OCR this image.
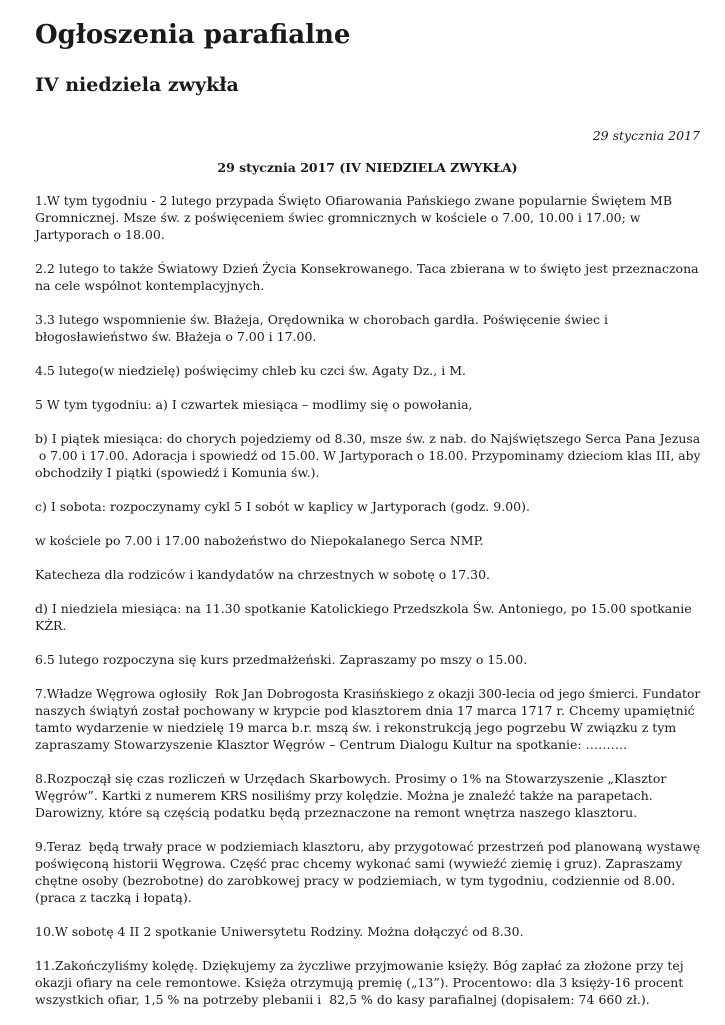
Ogłoszenia parafialne
IV niedziela zwykła
29 stycznia 2017
29 stycznia 2017 (IV NIEDZIELA ZWYKŁA)

1.W tym tygodniu - 2 lutego przypada Święto Ofiarowania Pańskiego zwane popularnie Świętem MB
Gromnicznej. Msze św. z poświęceniem świec gromnicznych w kościele o 7.00, 10.00 i 17.00; w
Jartyporach o 18.00.

2.2 lutego to także Światowy Dzień Życia Konsekrowanego. Taca zbierana w to święto jest przeznaczona
na cele wspólnot kontemplacyjnych.

3.3 lutego wspomnienie św. Błażeja, Orędownika w chorobach gardła. Poświęcenie świec i
błogosławieństwo św. Błażeja o 7.00 i 17.00.

4.5 lutego(w niedzielę) poświęcimy chleb ku czci św. Agaty Dz., i M.

5 W tym tygodniu: a) I czwartek miesiąca – modlimy się o powołania,

b) I piątek miesiąca: do chorych pojedziemy od 8.30, msze św. z nab. do Najświętszego Serca Pana Jezusa
o 7.00 i 17.00. Adoracja i spowiedź od 15.00. W Jartyporach o 18.00. Przypominamy dzieciom klas III, aby
obchodziły I piątki (spowiedź i Komunia św.).

c) I sobota: rozpoczynamy cykl 5 I sobót w kaplicy w Jartyporach (godz. 9.00).

w kościele po 7.00 i 17.00 nabożeństwo do Niepokalanego Serca NMP.

Katecheza dla rodziców i kandydatów na chrzestnych w sobotę o 17.30.

d) I niedziela miesiąca: na 11.30 spotkanie Katolickiego Przedszkola Św. Antoniego, po 15.00 spotkanie
KŻR.

6.5 lutego rozpoczyna się kurs przedmałżeński. Zapraszamy po mszy o 15.00.

7.Władze Węgrowa ogłosiły  Rok Jan Dobrogosta Krasińskiego z okazji 300-lecia od jego śmierci. Fundator
naszych świątyń został pochowany w krypcie pod klasztorem dnia 17 marca 1717 r. Chcemy upamiętnić
tamto wydarzenie w niedzielę 19 marca b.r. mszą św. i rekonstrukcją jego pogrzebu W związku z tym
zapraszamy Stowarzyszenie Klasztor Węgrów – Centrum Dialogu Kultur na spotkanie: ……….

8.Rozpoczął się czas rozliczeń w Urzędach Skarbowych. Prosimy o 1% na Stowarzyszenie „Klasztor
Węgrów”. Kartki z numerem KRS nosiliśmy przy kolędzie. Można je znaleźć także na parapetach.
Darowizny, które są częścią podatku będą przeznaczone na remont wnętrza naszego klasztoru.

9.Teraz  będą trwały prace w podziemiach klasztoru, aby przygotować przestrzeń pod planowaną wystawę
poświęconą historii Węgrowa. Część prac chcemy wykonać sami (wywieźć ziemię i gruz). Zapraszamy
chętne osoby (bezrobotne) do zarobkowej pracy w podziemiach, w tym tygodniu, codziennie od 8.00.
(praca z taczką i łopatą).

10.W sobotę 4 II 2 spotkanie Uniwersytetu Rodziny. Można dołączyć od 8.30.

11.Zakończyliśmy kolędę. Dziękujemy za życzliwe przyjmowanie księży. Bóg zapłać za złożone przy tej
okazji ofiary na cele remontowe. Księża otrzymują premię („13”). Procentowo: dla 3 księży-16 procent
wszystkich ofiar, 1,5 % na potrzeby plebanii i  82,5 % do kasy parafialnej (dopisałem: 74 660 zł.).
